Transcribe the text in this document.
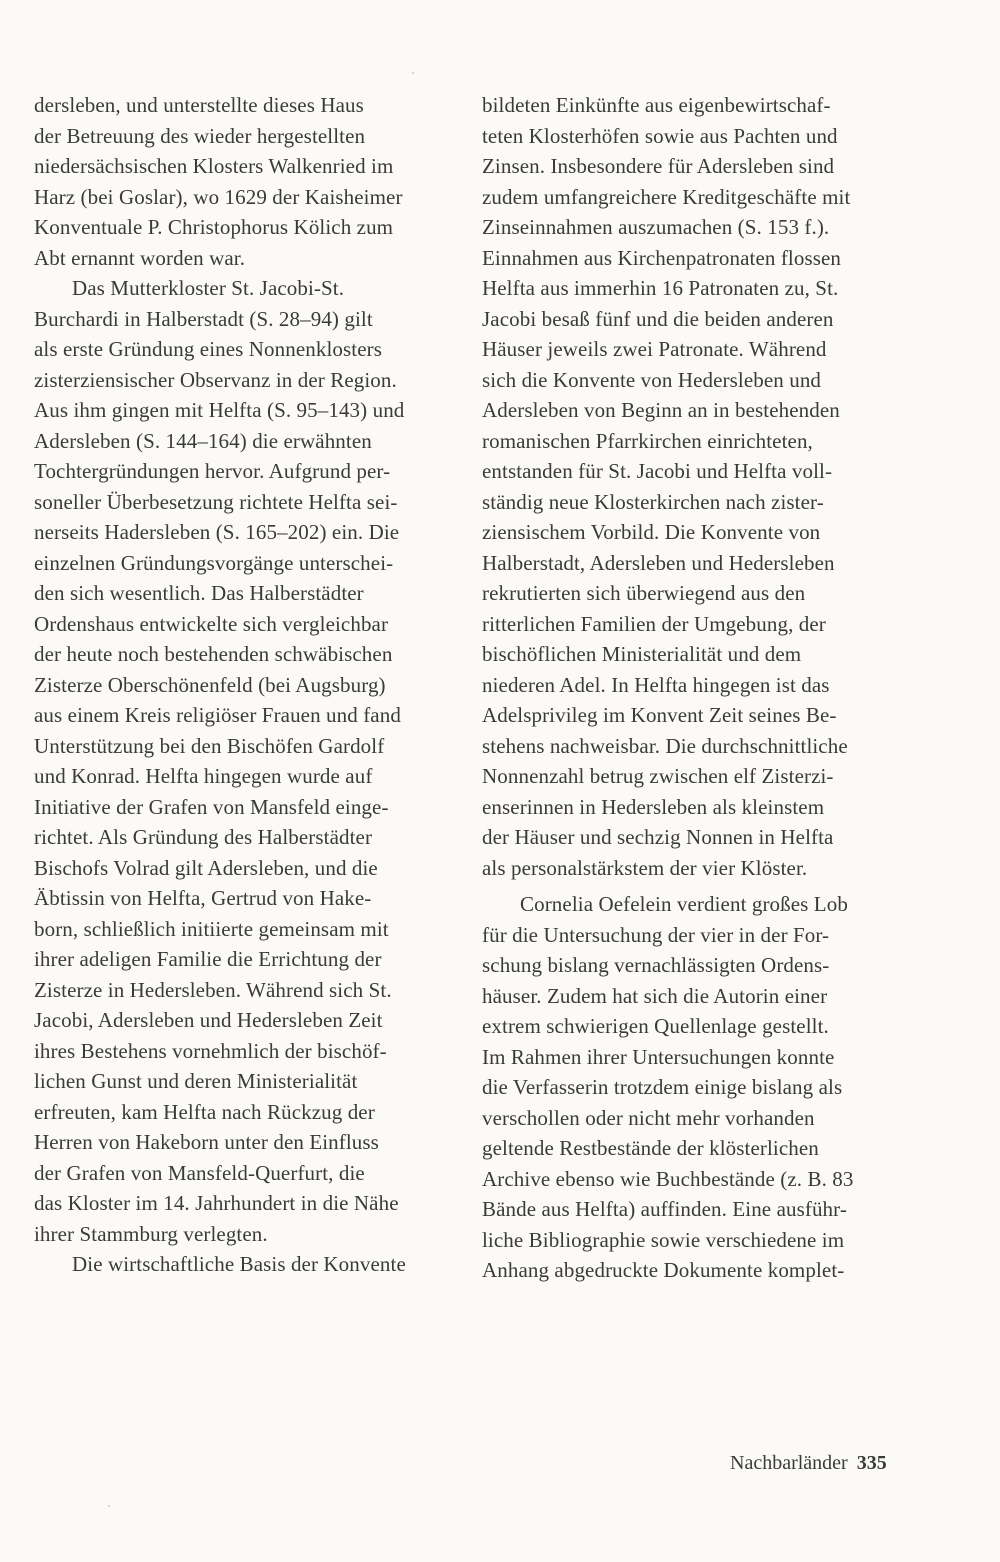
dersleben, und unterstellte dieses Haus
der Betreuung des wieder hergestellten
niedersächsischen Klosters Walkenried im
Harz (bei Goslar), wo 1629 der Kaisheimer
Konventuale P. Christophorus Kölich zum
Abt ernannt worden war.
Das Mutterkloster St. Jacobi-St.
Burchardi in Halberstadt (S. 28–94) gilt
als erste Gründung eines Nonnenklosters
zisterziensischer Observanz in der Region.
Aus ihm gingen mit Helfta (S. 95–143) und
Adersleben (S. 144–164) die erwähnten
Tochtergründungen hervor. Aufgrund per-
soneller Überbesetzung richtete Helfta sei-
nerseits Hadersleben (S. 165–202) ein. Die
einzelnen Gründungsvorgänge unterschei-
den sich wesentlich. Das Halberstädter
Ordenshaus entwickelte sich vergleichbar
der heute noch bestehenden schwäbischen
Zisterze Oberschönenfeld (bei Augsburg)
aus einem Kreis religiöser Frauen und fand
Unterstützung bei den Bischöfen Gardolf
und Konrad. Helfta hingegen wurde auf
Initiative der Grafen von Mansfeld einge-
richtet. Als Gründung des Halberstädter
Bischofs Volrad gilt Adersleben, und die
Äbtissin von Helfta, Gertrud von Hake-
born, schließlich initiierte gemeinsam mit
ihrer adeligen Familie die Errichtung der
Zisterze in Hedersleben. Während sich St.
Jacobi, Adersleben und Hedersleben Zeit
ihres Bestehens vornehmlich der bischöf-
lichen Gunst und deren Ministerialität
erfreuten, kam Helfta nach Rückzug der
Herren von Hakeborn unter den Einfluss
der Grafen von Mansfeld-Querfurt, die
das Kloster im 14. Jahrhundert in die Nähe
ihrer Stammburg verlegten.
Die wirtschaftliche Basis der Konvente
bildeten Einkünfte aus eigenbewirtschaf-
teten Klosterhöfen sowie aus Pachten und
Zinsen. Insbesondere für Adersleben sind
zudem umfangreichere Kreditgeschäfte mit
Zinseinnahmen auszumachen (S. 153 f.).
Einnahmen aus Kirchenpatronaten flossen
Helfta aus immerhin 16 Patronaten zu, St.
Jacobi besaß fünf und die beiden anderen
Häuser jeweils zwei Patronate. Während
sich die Konvente von Hedersleben und
Adersleben von Beginn an in bestehenden
romanischen Pfarrkirchen einrichteten,
entstanden für St. Jacobi und Helfta voll-
ständig neue Klosterkirchen nach zister-
ziensischem Vorbild. Die Konvente von
Halberstadt, Adersleben und Hedersleben
rekrutierten sich überwiegend aus den
ritterlichen Familien der Umgebung, der
bischöflichen Ministerialität und dem
niederen Adel. In Helfta hingegen ist das
Adelsprivileg im Konvent Zeit seines Be-
stehens nachweisbar. Die durchschnittliche
Nonnenzahl betrug zwischen elf Zisterzi-
enserinnen in Hedersleben als kleinstem
der Häuser und sechzig Nonnen in Helfta
als personalstärkstem der vier Klöster.
Cornelia Oefelein verdient großes Lob
für die Untersuchung der vier in der For-
schung bislang vernachlässigten Ordens-
häuser. Zudem hat sich die Autorin einer
extrem schwierigen Quellenlage gestellt.
Im Rahmen ihrer Untersuchungen konnte
die Verfasserin trotzdem einige bislang als
verschollen oder nicht mehr vorhanden
geltende Restbestände der klösterlichen
Archive ebenso wie Buchbestände (z. B. 83
Bände aus Helfta) auffinden. Eine ausführ-
liche Bibliographie sowie verschiedene im
Anhang abgedruckte Dokumente komplet-
Nachbarländer 335
